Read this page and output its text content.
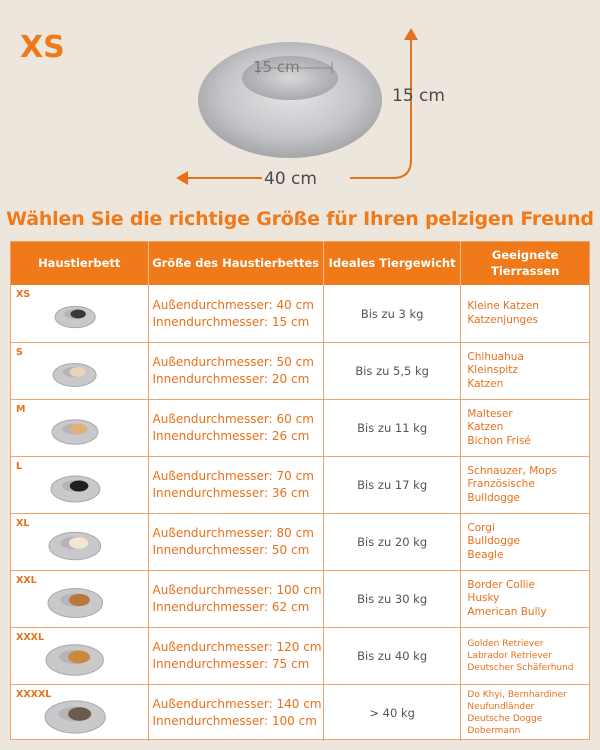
XS
15 cm
15 cm
40 cm
Wählen Sie die richtige Größe für Ihren pelzigen Freund
Haustierbett	Größe des Haustierbettes Ideales Tiergewicht
Geeignete Tierrassen
XS
Außendurchmesser: 40 cm
Innendurchmesser: 15 cm
Bis zu 3 kg
Kleine Katzen
Katzenjunges
S
Außendurchmesser: 50 cm
Innendurchmesser: 20 cm
Bis zu 5,5 kg
Chihuahua
Kleinspitz
Katzen
M
Außendurchmesser: 60 cm
Innendurchmesser: 26 cm
Bis zu 11 kg
Malteser
Katzen
Bichon Frisé
L
Außendurchmesser: 70 cm
Innendurchmesser: 36 cm
Bis zu 17 kg
Schnauzer, Mops
Französische
Bulldogge
XL
Außendurchmesser: 80 cm
Innendurchmesser: 50 cm
Bis zu 20 kg
Corgi
Bulldogge
Beagle
XXL
Außendurchmesser: 100 cm
Innendurchmesser: 62 cm
Bis zu 30 kg
Border Collie
Husky
American Bully
XXXL
Außendurchmesser: 120 cm
Innendurchmesser: 75 cm
Bis zu 40 kg
Golden Retriever
Labrador Retriever
Deutscher Schäferhund
XXXXL
Außendurchmesser: 140 cm
Innendurchmesser: 100 cm
> 40 kg
Do Khyi, Bernhardiner
Neufundländer
Deutsche Dogge
Dobermann
